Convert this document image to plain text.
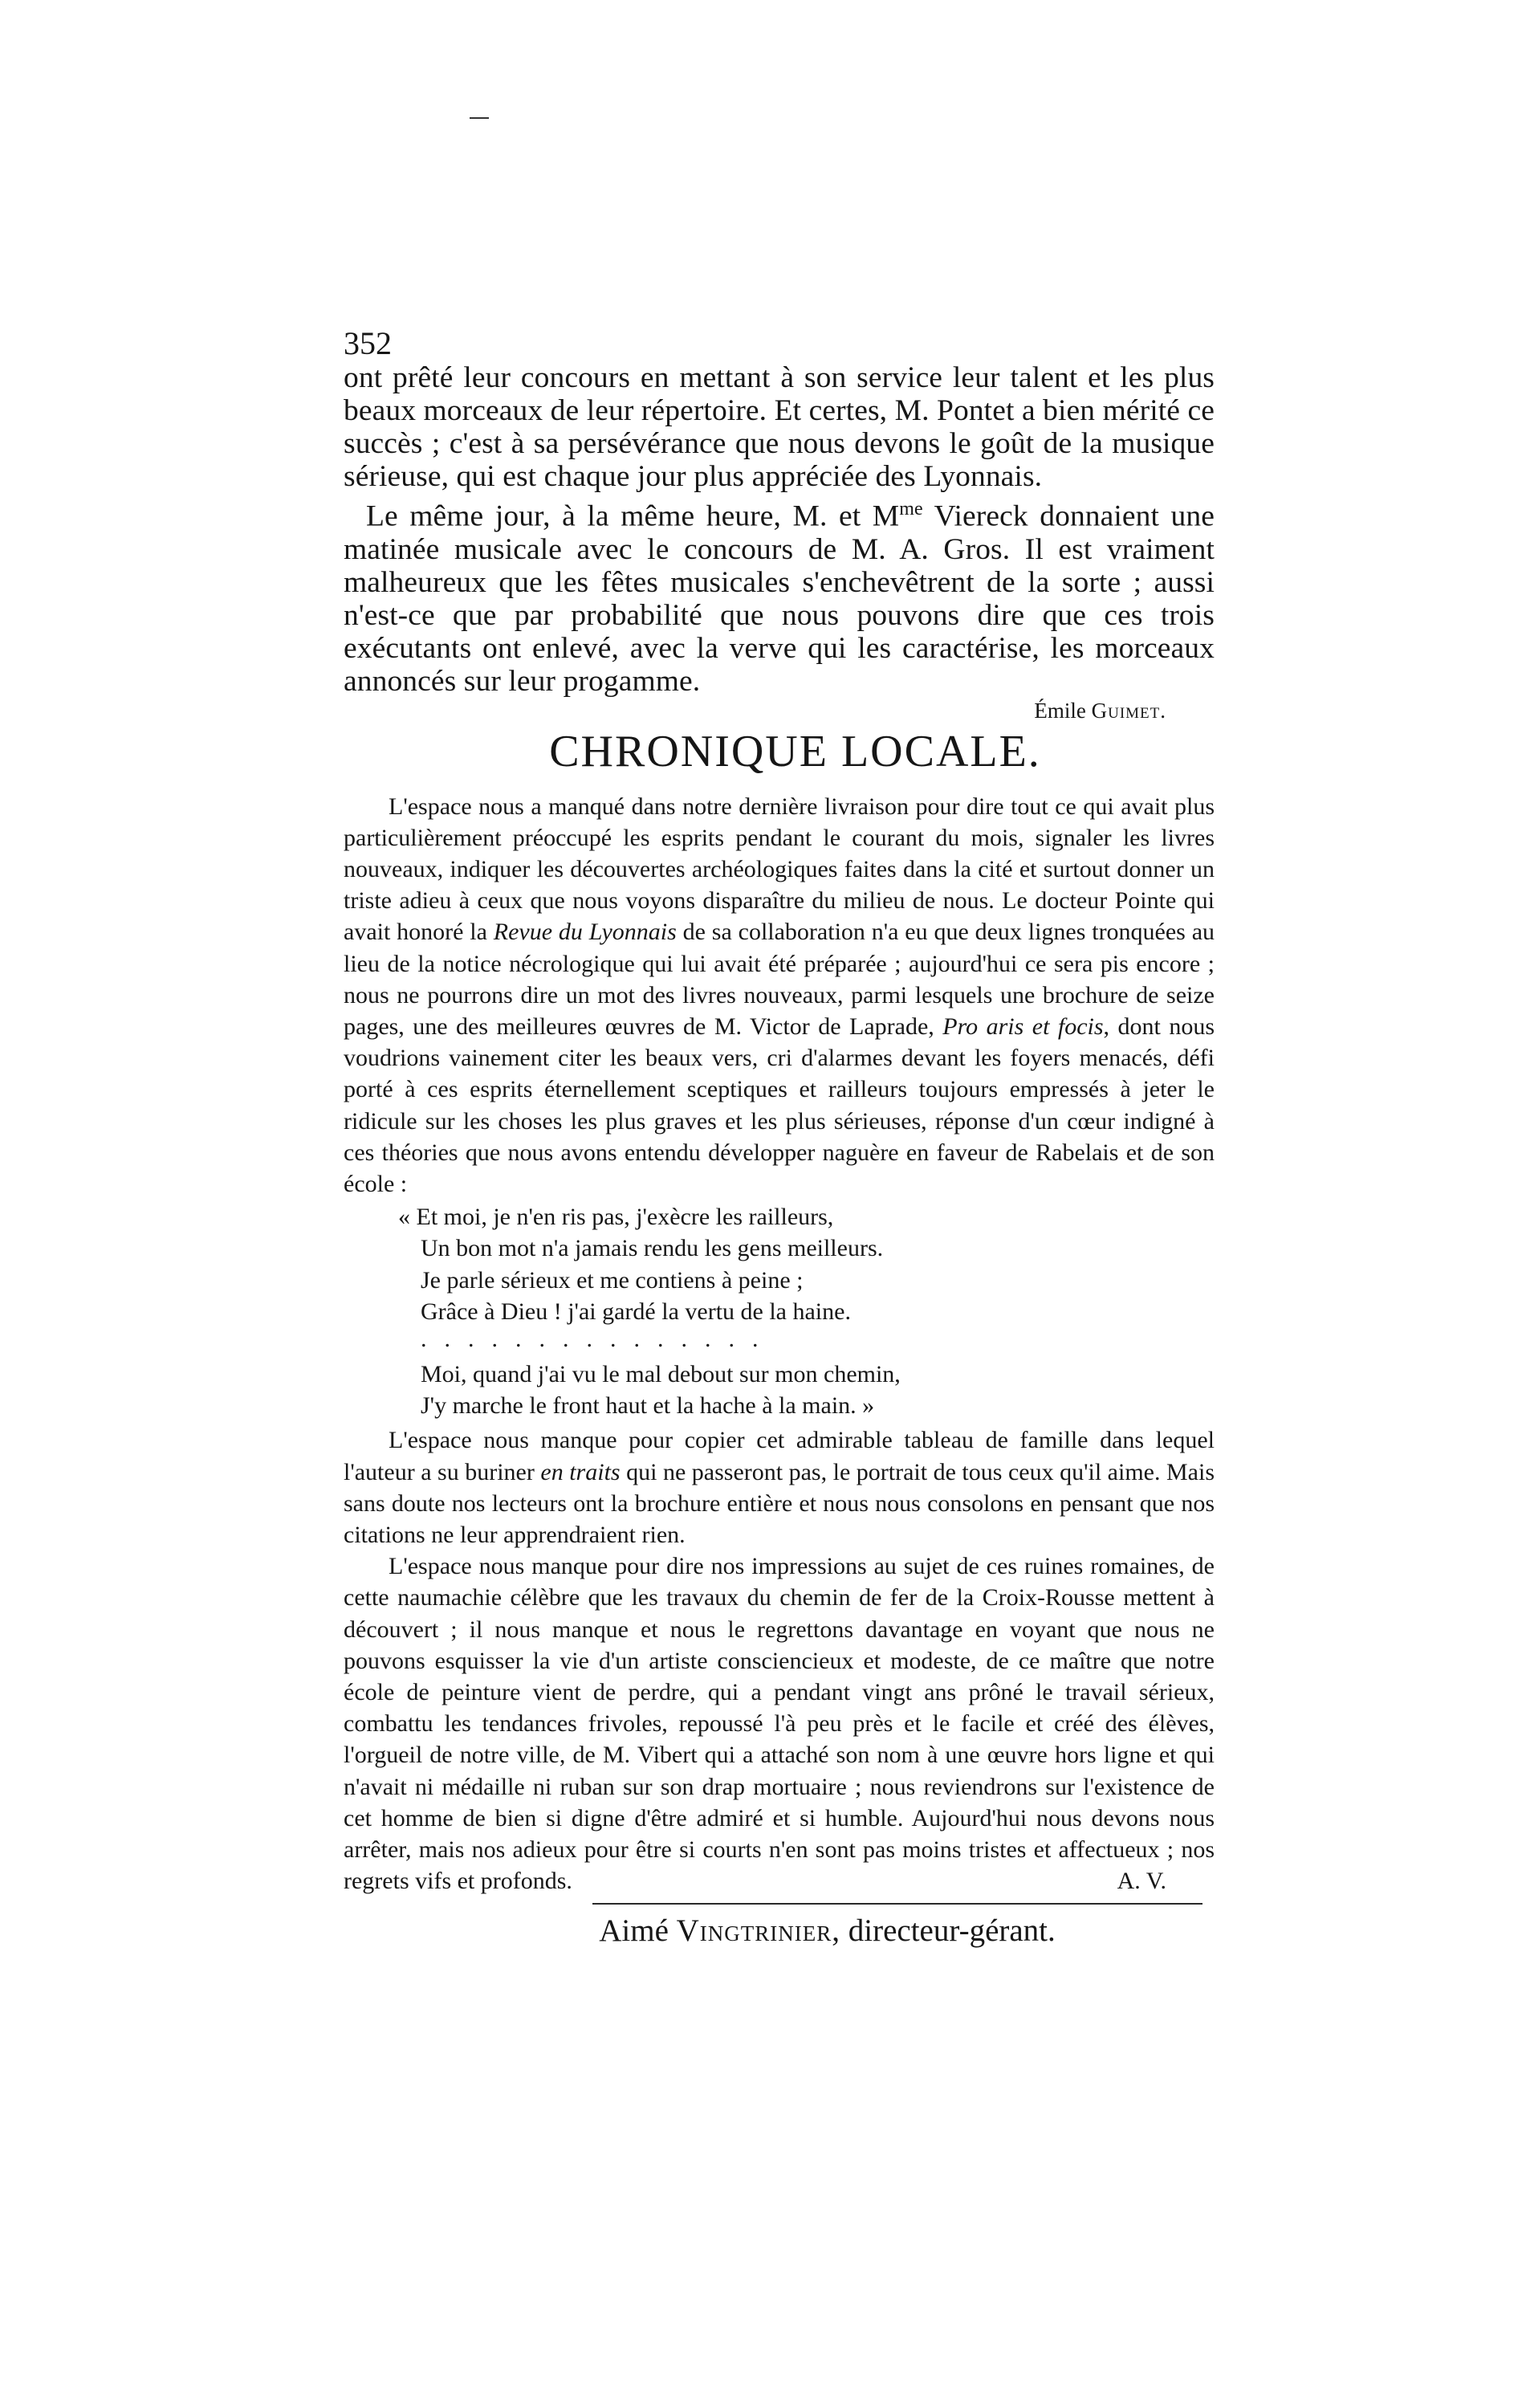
352

ont prêté leur concours en mettant à son service leur talent et les plus beaux morceaux de leur répertoire. Et certes, M. Pontet a bien mérité ce succès ; c'est à sa persévérance que nous devons le goût de la musique sérieuse, qui est chaque jour plus appréciée des Lyonnais.

Le même jour, à la même heure, M. et $M^{me}$ Viereck donnaient une matinée musicale avec le concours de M. A. Gros. Il est vraiment malheureux que les fêtes musicales s'enchevêtrent de la sorte ; aussi n'est-ce que par probabilité que nous pouvons dire que ces trois exécutants ont enlevé, avec la verve qui les caractérise, les morceaux annoncés sur leur progamme.

Émile Guimet.
CHRONIQUE LOCALE.

L'espace nous a manqué dans notre dernière livraison pour dire tout ce qui avait plus particulièrement préoccupé les esprits pendant le courant du mois, signaler les livres nouveaux, indiquer les découvertes archéologiques faites dans la cité et surtout donner un triste adieu à ceux que nous voyons disparaître du milieu de nous. Le docteur Pointe qui avait honoré la Revue du Lyonnais de sa collaboration n'a eu que deux lignes tronquées au lieu de la notice nécrologique qui lui avait été préparée ; aujourd'hui ce sera pis encore ; nous ne pourrons dire un mot des livres nouveaux, parmi lesquels une brochure de seize pages, une des meilleures œuvres de M. Victor de Laprade, Pro aris et focis, dont nous voudrions vainement citer les beaux vers, cri d'alarmes devant les foyers menacés, défi porté à ces esprits éternellement sceptiques et railleurs toujours empressés à jeter le ridicule sur les choses les plus graves et les plus sérieuses, réponse d'un cœur indigné à ces théories que nous avons entendu développer naguère en faveur de Rabelais et de son école :

« Et moi, je n'en ris pas, j'exècre les railleurs,
Un bon mot n'a jamais rendu les gens meilleurs.
Je parle sérieux et me contiens à peine ;
Grâce à Dieu ! j'ai gardé la vertu de la haine.
...............
Moi, quand j'ai vu le mal debout sur mon chemin,
J'y marche le front haut et la hache à la main. »

L'espace nous manque pour copier cet admirable tableau de famille dans lequel l'auteur a su buriner en traits qui ne passeront pas, le portrait de tous ceux qu'il aime. Mais sans doute nos lecteurs ont la brochure entière et nous nous consolons en pensant que nos citations ne leur apprendraient rien.

L'espace nous manque pour dire nos impressions au sujet de ces ruines romaines, de cette naumachie célèbre que les travaux du chemin de fer de la Croix-Rousse mettent à découvert ; il nous manque et nous le regrettons davantage en voyant que nous ne pouvons esquisser la vie d'un artiste consciencieux et modeste, de ce maître que notre école de peinture vient de perdre, qui a pendant vingt ans prôné le travail sérieux, combattu les tendances frivoles, repoussé l'à peu près et le facile et créé des élèves, l'orgueil de notre ville, de M. Vibert qui a attaché son nom à une œuvre hors ligne et qui n'avait ni médaille ni ruban sur son drap mortuaire ; nous reviendrons sur l'existence de cet homme de bien si digne d'être admiré et si humble. Aujourd'hui nous devons nous arrêter, mais nos adieux pour être si courts n'en sont pas moins tristes et affectueux ; nos regrets vifs et profonds.	A. V.

Aimé Vingtrinier, directeur-gérant.
